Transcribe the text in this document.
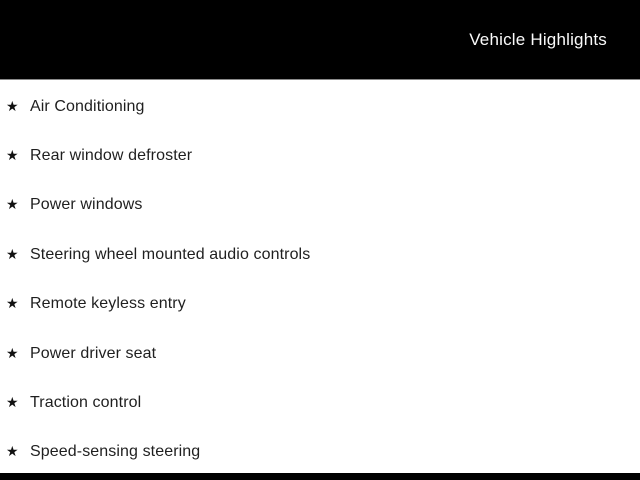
Vehicle Highlights
★ Air Conditioning
★ Rear window defroster
★ Power windows
★ Steering wheel mounted audio controls
★ Remote keyless entry
★ Power driver seat
★ Traction control
★ Speed-sensing steering
